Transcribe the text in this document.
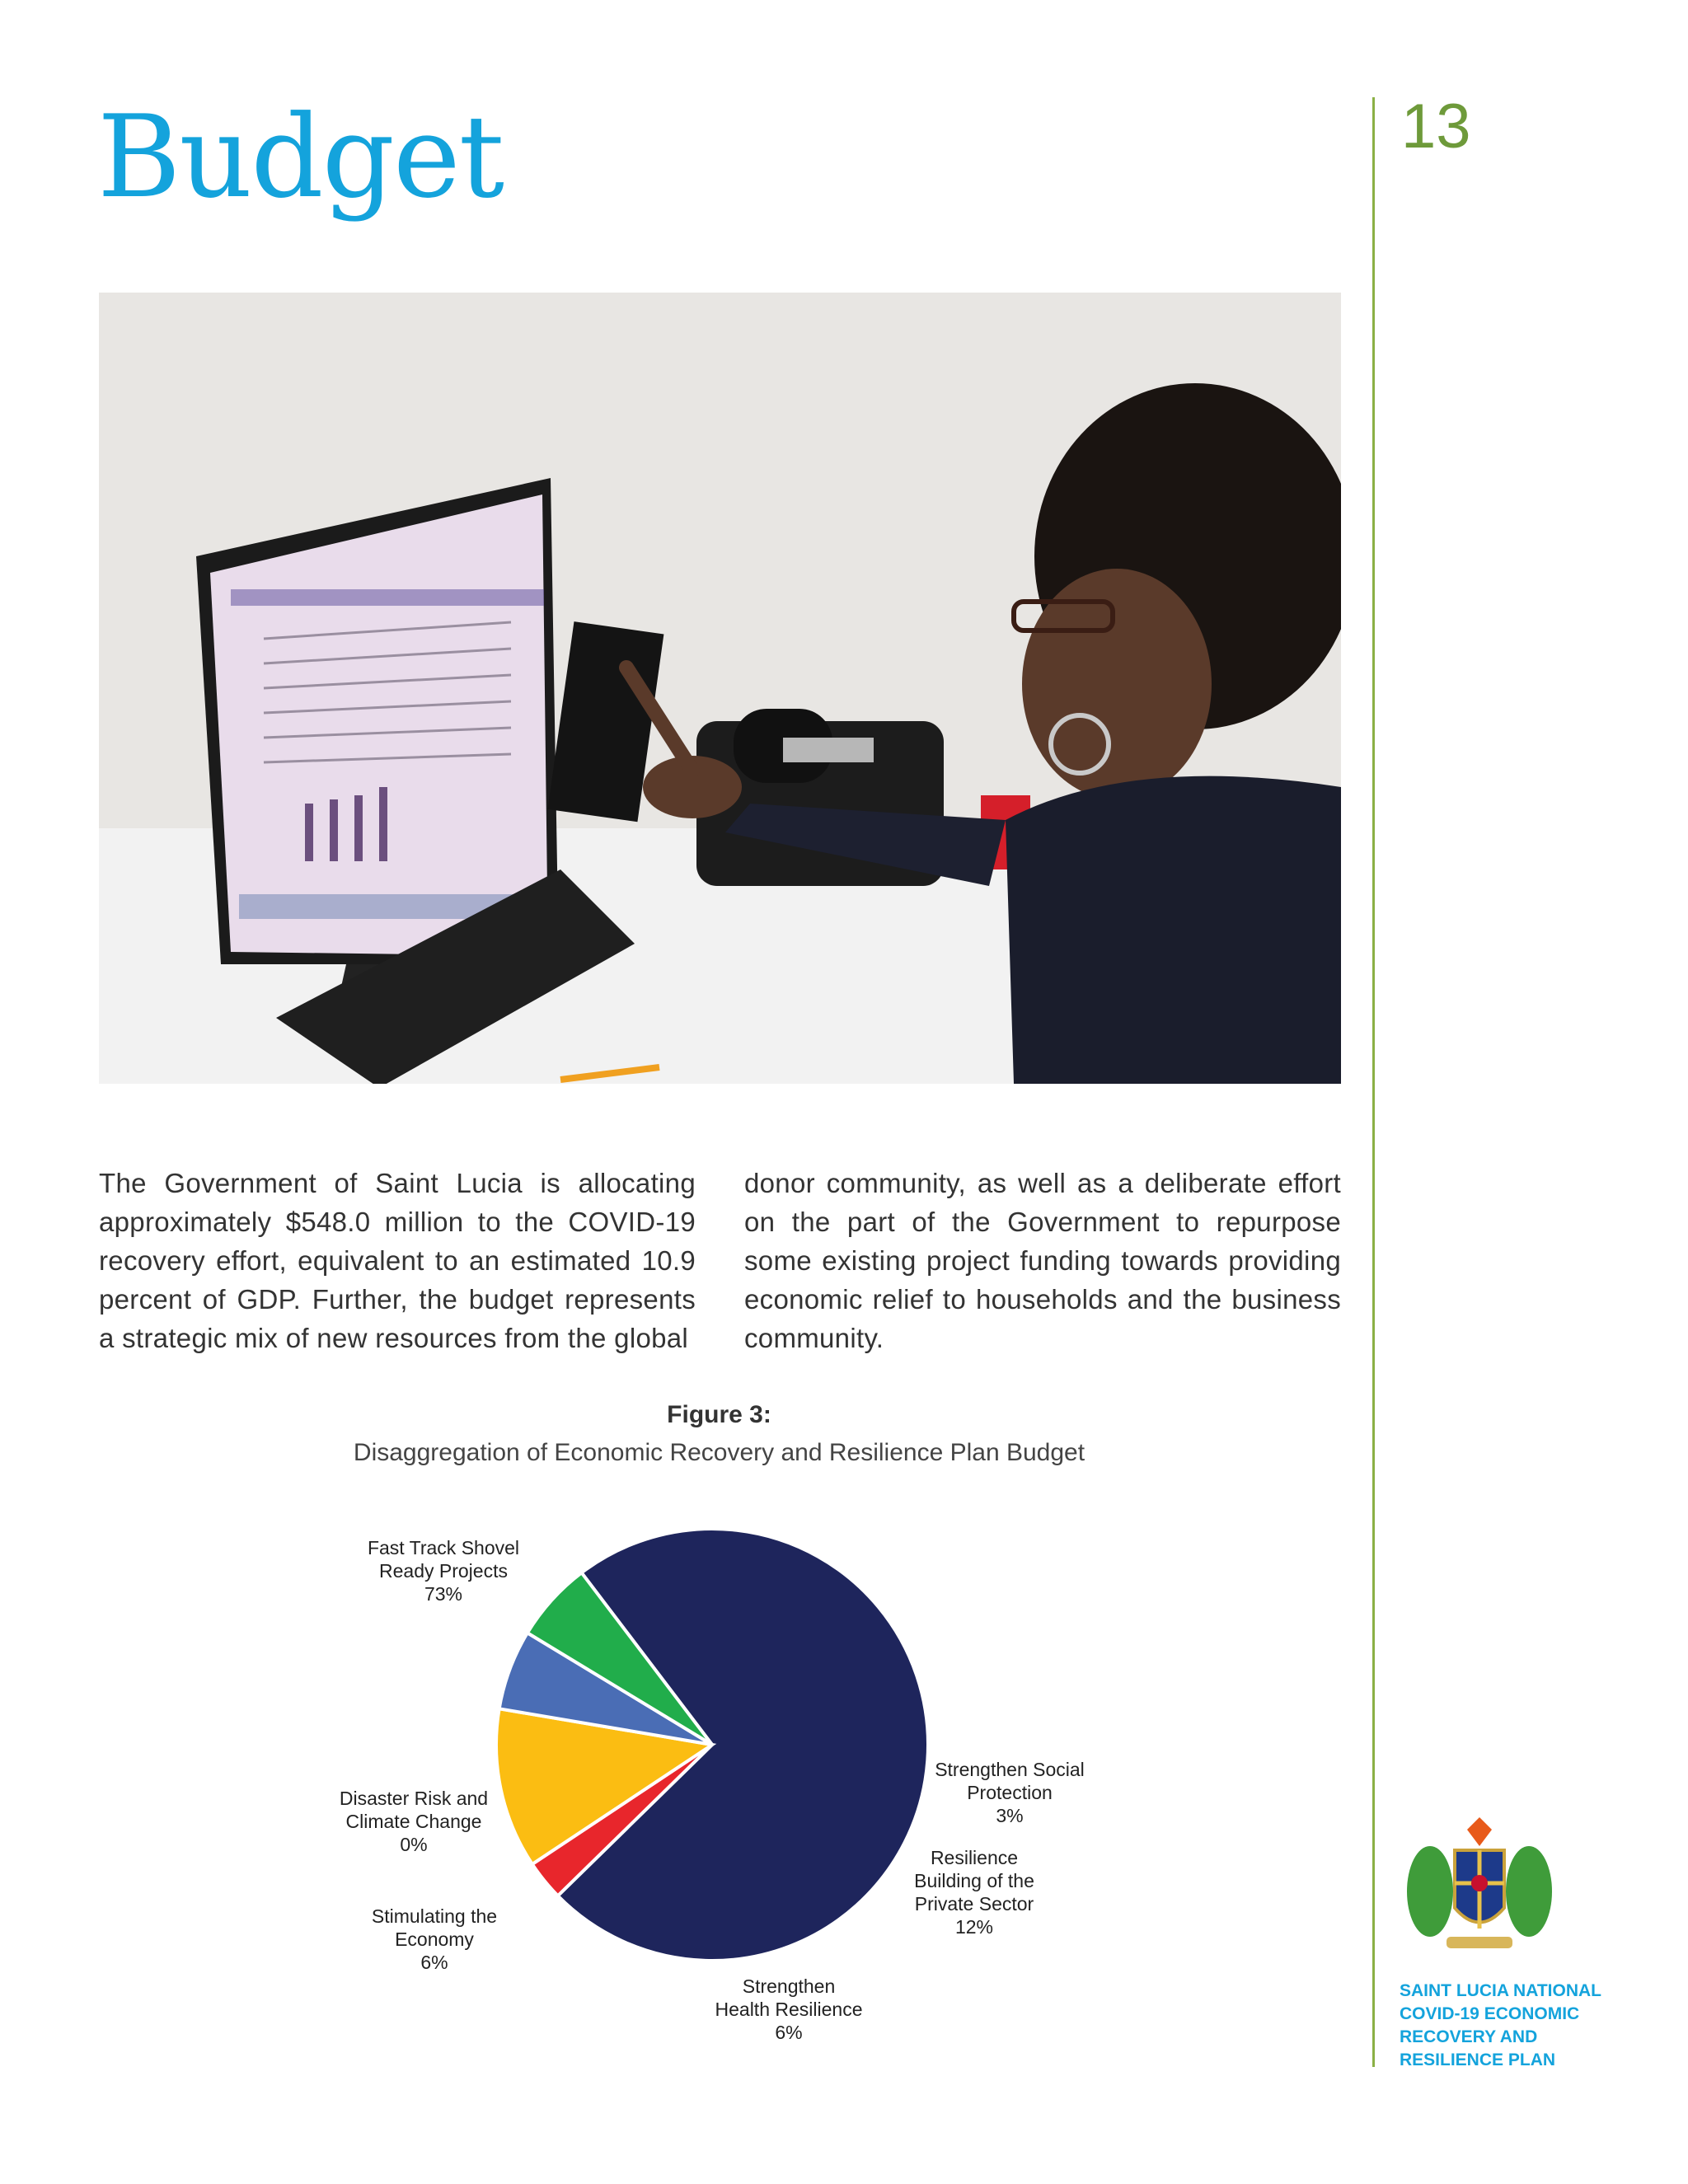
Budget	13

The Government of Saint Lucia is allocating approximately $548.0 million to the COVID-19 recovery effort, equivalent to an estimated 10.9 percent of GDP. Further, the budget represents a strategic mix of new resources from the global

donor community, as well as a deliberate effort on the part of the Government to repurpose some existing project funding towards providing economic relief to households and the business community.

Figure 3:
Disaggregation of Economic Recovery and Resilience Plan Budget
Fast Track Shovel Ready Projects 73%
Strengthen Social Protection 3%
Resilience Building of the Private Sector 12%
Strengthen Health Resilience 6%
Stimulating the Economy 6%
Disaster Risk and Climate Change 0%
SAINT LUCIA NATIONAL
COVID-19 ECONOMIC
RECOVERY AND
RESILIENCE PLAN
